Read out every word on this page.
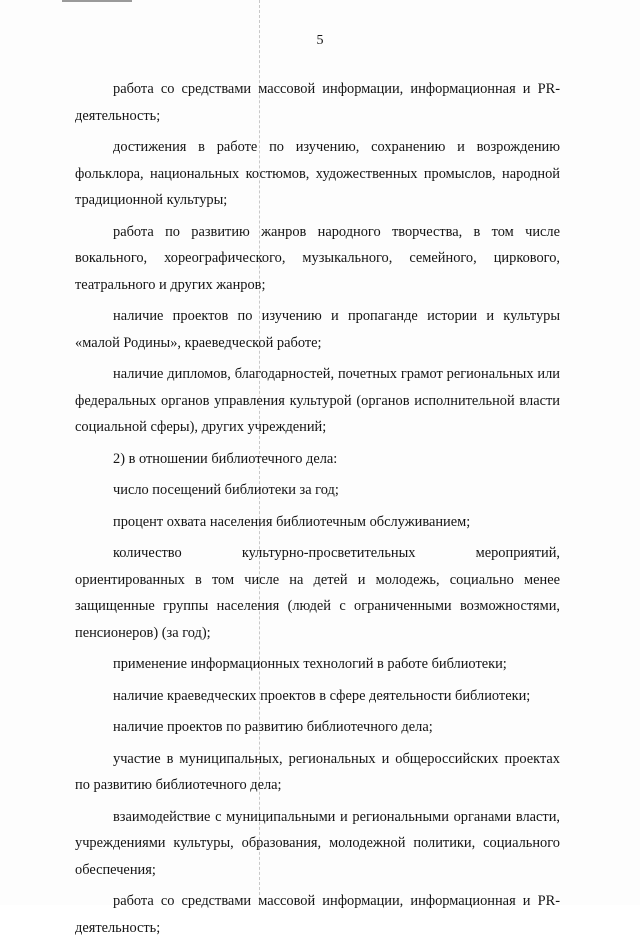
5

работа со средствами массовой информации, информационная и PR-деятельность;

достижения в работе по изучению, сохранению и возрождению фольклора, национальных костюмов, художественных промыслов, народной традиционной культуры;

работа по развитию жанров народного творчества, в том числе вокального, хореографического, музыкального, семейного, циркового, театрального и других жанров;

наличие проектов по изучению и пропаганде истории и культуры «малой Родины», краеведческой работе;

наличие дипломов, благодарностей, почетных грамот региональных или федеральных органов управления культурой (органов исполнительной власти социальной сферы), других учреждений;

2) в отношении библиотечного дела:

число посещений библиотеки за год;

процент охвата населения библиотечным обслуживанием;

количество культурно-просветительных мероприятий, ориентированных в том числе на детей и молодежь, социально менее защищенные группы населения (людей с ограниченными возможностями, пенсионеров) (за год);

применение информационных технологий в работе библиотеки;

наличие краеведческих проектов в сфере деятельности библиотеки;

наличие проектов по развитию библиотечного дела;

участие в муниципальных, региональных и общероссийских проектах по развитию библиотечного дела;

взаимодействие с муниципальными и региональными органами власти, учреждениями культуры, образования, молодежной политики, социального обеспечения;

работа со средствами массовой информации, информационная и PR-деятельность;
